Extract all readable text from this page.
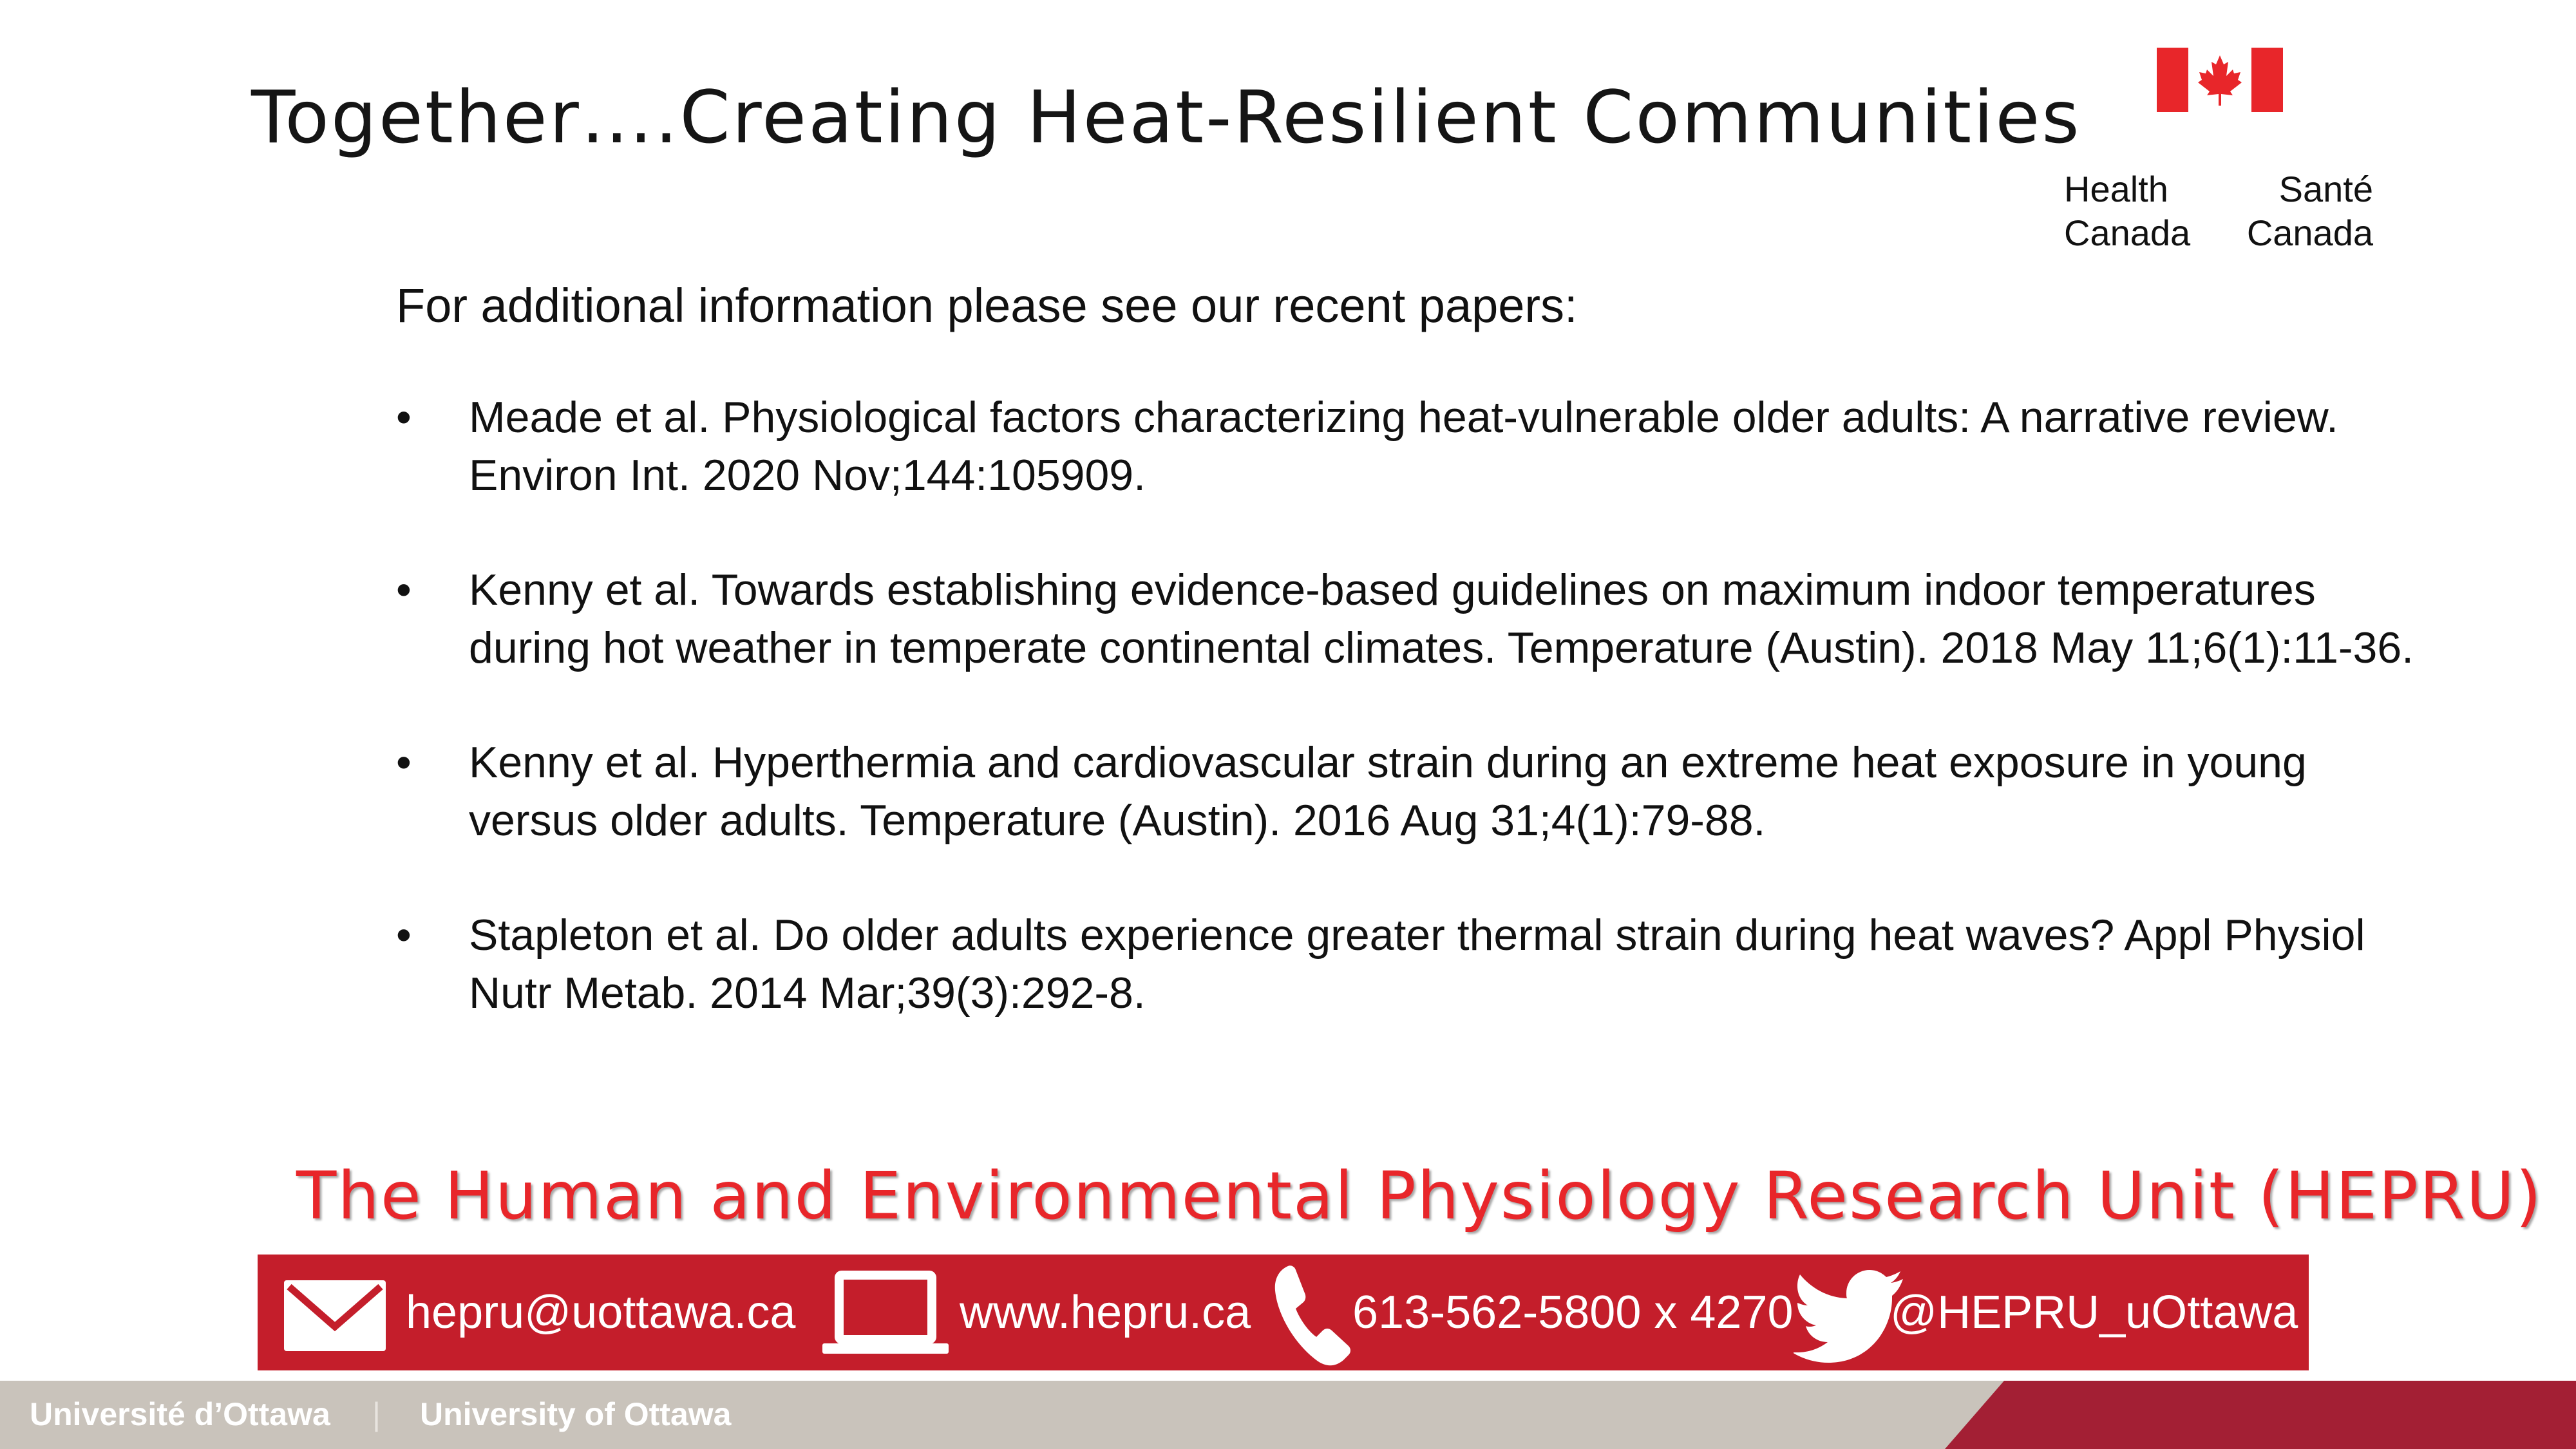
Together….Creating Heat-Resilient Communities
Health
Canada
Santé
Canada

For additional information please see our recent papers:

• Meade et al. Physiological factors characterizing heat-vulnerable older adults: A narrative review. Environ Int. 2020 Nov;144:105909.
• Kenny et al. Towards establishing evidence-based guidelines on maximum indoor temperatures during hot weather in temperate continental climates. Temperature (Austin). 2018 May 11;6(1):11-36.
• Kenny et al. Hyperthermia and cardiovascular strain during an extreme heat exposure in young versus older adults. Temperature (Austin). 2016 Aug 31;4(1):79-88.
• Stapleton et al. Do older adults experience greater thermal strain during heat waves? Appl Physiol Nutr Metab. 2014 Mar;39(3):292-8.
The Human and Environmental Physiology Research Unit (HEPRU)
hepru@uottawa.ca	www.hepru.ca 613-562-5800 x 4270 @HEPRU_uOttawa
Université d’Ottawa | University of Ottawa
